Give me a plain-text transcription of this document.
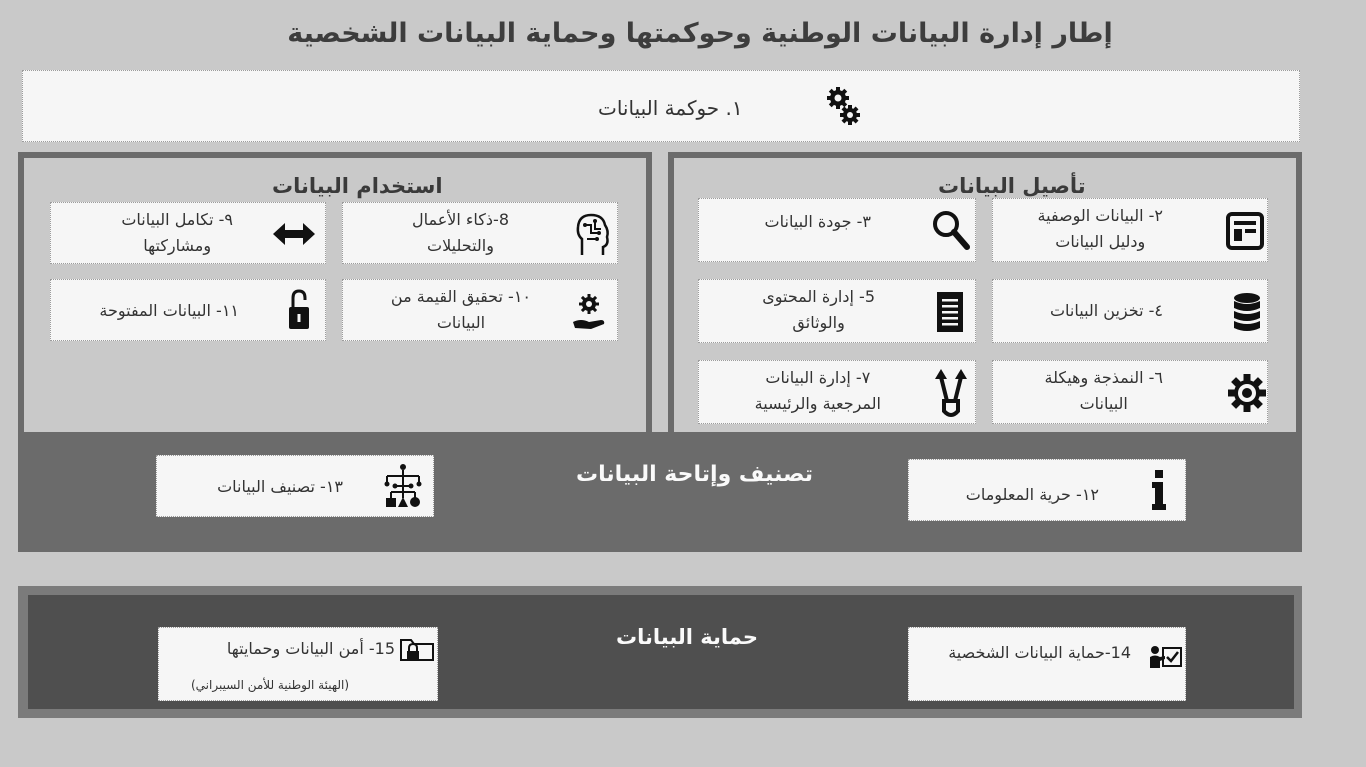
إطار إدارة البيانات الوطنية وحوكمتها وحماية البيانات الشخصية
١. حوكمة البيانات
استخدام البيانات	تأصيل البيانات
٩- تكامل البيانات
ومشاركتها
8-ذكاء الأعمال
والتحليلات
١١- البيانات المفتوحة
١٠- تحقيق القيمة من
البيانات
٣- جودة البيانات	٢- البيانات الوصفية
ودليل البيانات
5- إدارة المحتوى
والوثائق
٤- تخزين البيانات
٧- إدارة البيانات
المرجعية والرئيسية
٦- النمذجة وهيكلة
البيانات
تصنيف وإتاحة البيانات
١٣- تصنيف البيانات	١٢- حرية المعلومات
حماية البيانات
15- أمن البيانات وحمايتها
(الهيئة الوطنية للأمن السيبراني)
14-حماية البيانات الشخصية
